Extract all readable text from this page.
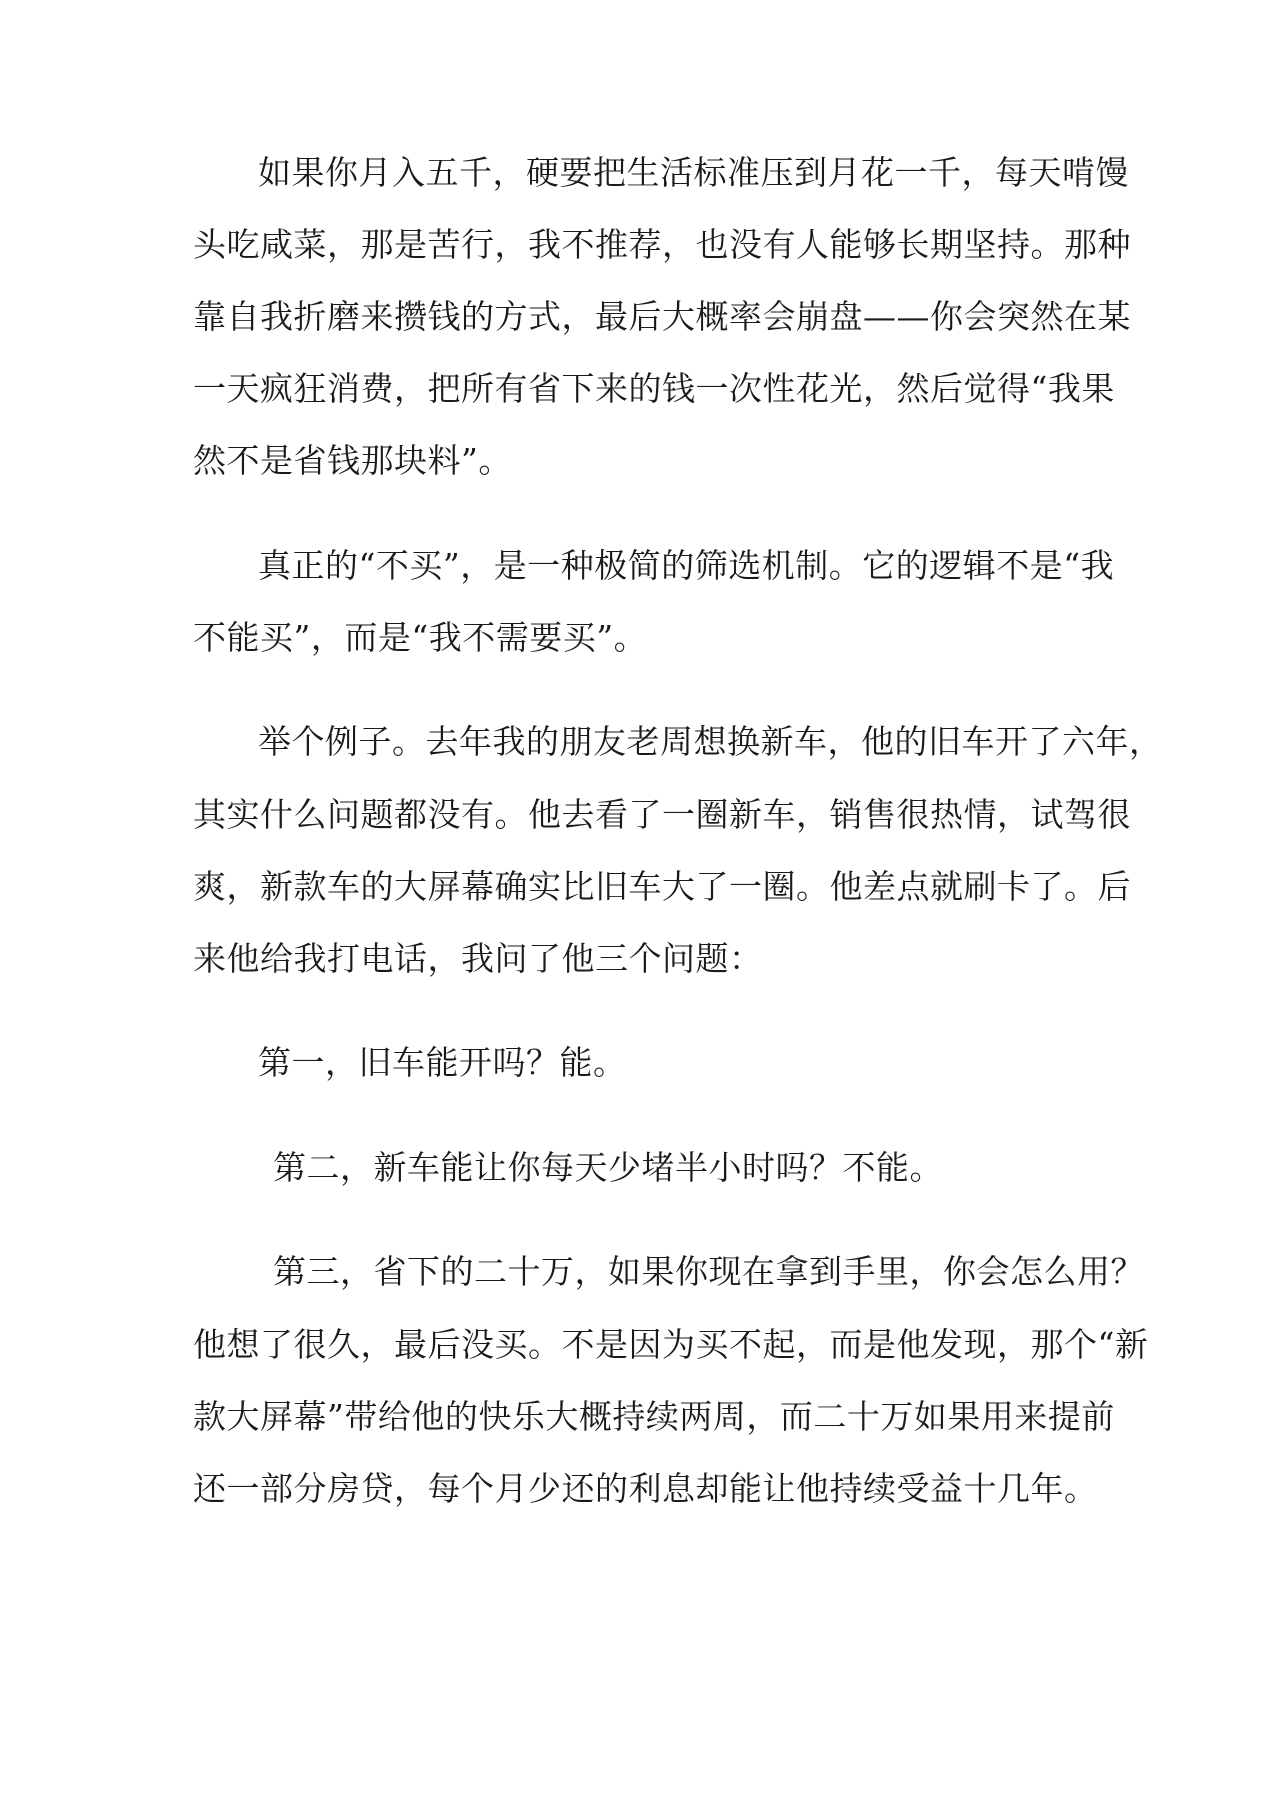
如果你月入五千，硬要把生活标准压到月花一千，每天啃馒

头吃咸菜，那是苦行，我不推荐，也没有人能够长期坚持。那种

靠自我折磨来攒钱的方式，最后大概率会崩盘——你会突然在某

一天疯狂消费，把所有省下来的钱一次性花光，然后觉得“我果

然不是省钱那块料”。

真正的“不买”，是一种极简的筛选机制。它的逻辑不是“我

不能买”，而是“我不需要买”。

举个例子。去年我的朋友老周想换新车，他的旧车开了六年，

其实什么问题都没有。他去看了一圈新车，销售很热情，试驾很

爽，新款车的大屏幕确实比旧车大了一圈。他差点就刷卡了。后

来他给我打电话，我问了他三个问题：

第一，旧车能开吗？能。

第二，新车能让你每天少堵半小时吗？不能。

第三，省下的二十万，如果你现在拿到手里，你会怎么用？

他想了很久，最后没买。不是因为买不起，而是他发现，那个“新

款大屏幕”带给他的快乐大概持续两周，而二十万如果用来提前

还一部分房贷，每个月少还的利息却能让他持续受益十几年。
